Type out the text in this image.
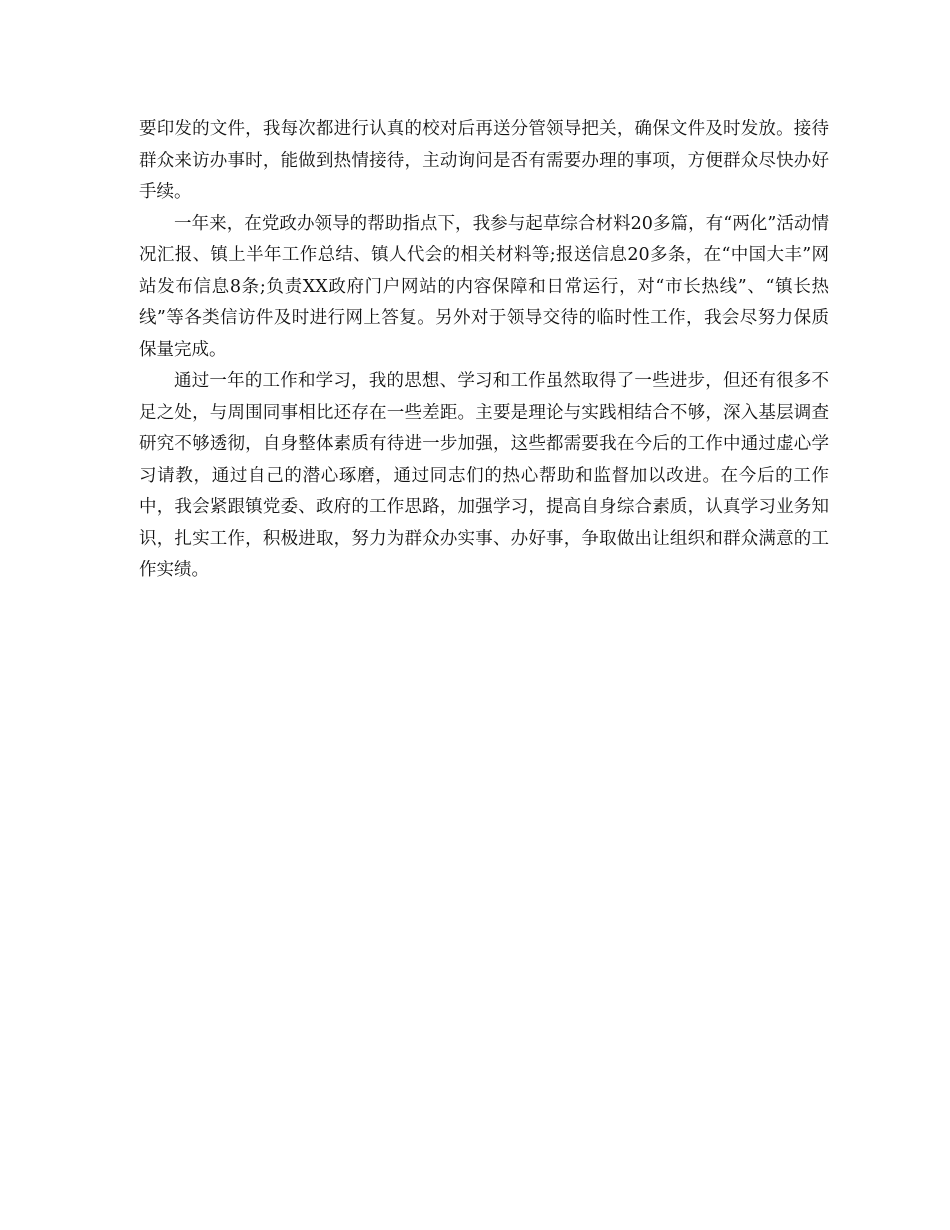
要印发的文件，我每次都进行认真的校对后再送分管领导把关，确保文件及时发放。接待群众来访办事时，能做到热情接待，主动询问是否有需要办理的事项，方便群众尽快办好手续。

一年来，在党政办领导的帮助指点下，我参与起草综合材料20多篇，有“两化”活动情况汇报、镇上半年工作总结、镇人代会的相关材料等;报送信息20多条，在“中国大丰”网站发布信息8条;负责XX政府门户网站的内容保障和日常运行，对“市长热线”、“镇长热线”等各类信访件及时进行网上答复。另外对于领导交待的临时性工作，我会尽努力保质保量完成。

通过一年的工作和学习，我的思想、学习和工作虽然取得了一些进步，但还有很多不足之处，与周围同事相比还存在一些差距。主要是理论与实践相结合不够，深入基层调查研究不够透彻，自身整体素质有待进一步加强，这些都需要我在今后的工作中通过虚心学习请教，通过自己的潜心琢磨，通过同志们的热心帮助和监督加以改进。在今后的工作中，我会紧跟镇党委、政府的工作思路，加强学习，提高自身综合素质，认真学习业务知识，扎实工作，积极进取，努力为群众办实事、办好事，争取做出让组织和群众满意的工作实绩。
